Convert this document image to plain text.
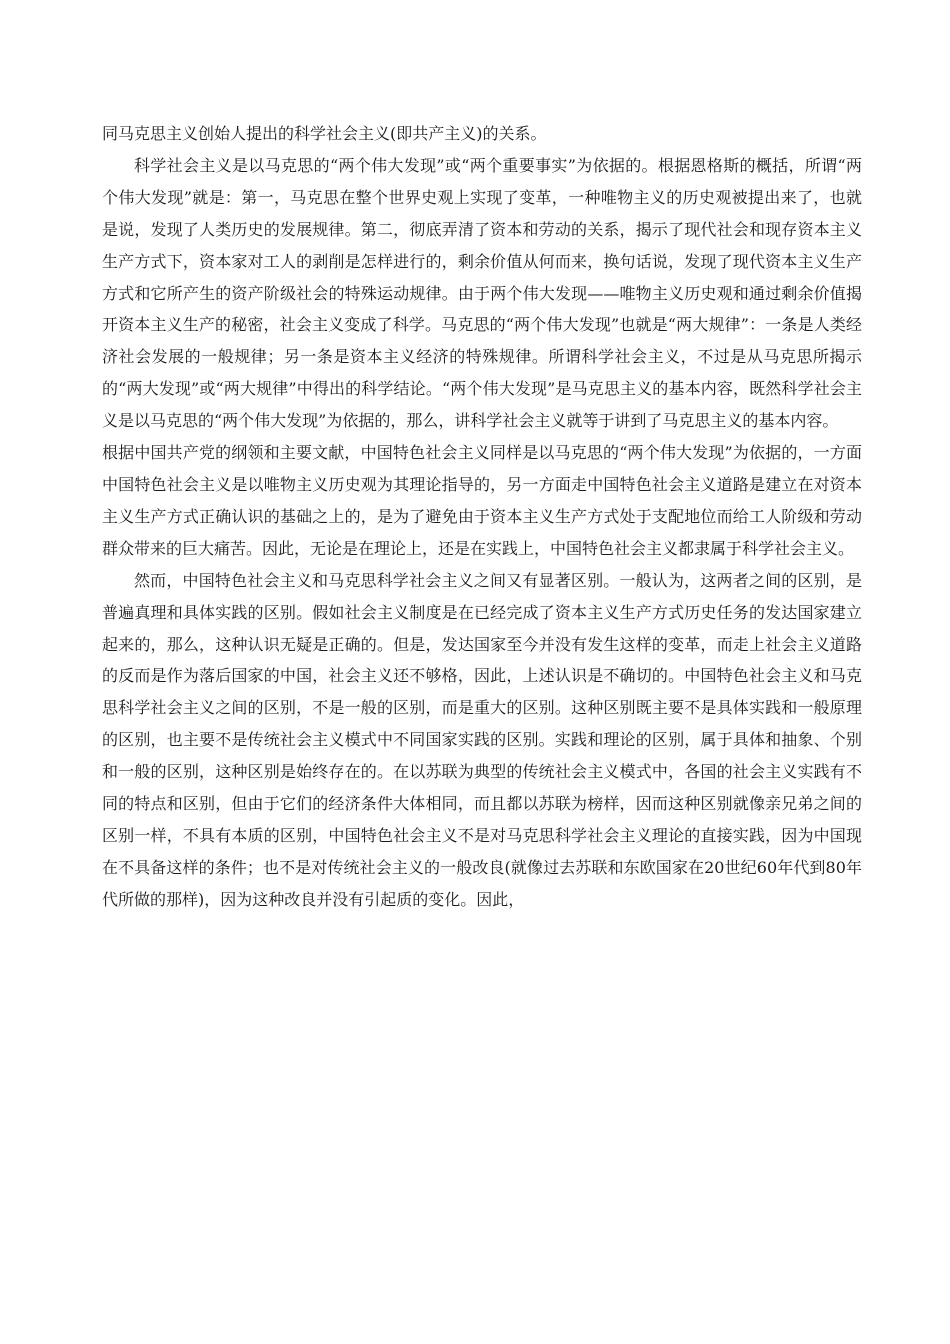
同马克思主义创始人提出的科学社会主义(即共产主义)的关系。

科学社会主义是以马克思的“两个伟大发现”或“两个重要事实”为依据的。根据恩格斯的概括，所谓“两个伟大发现”就是：第一，马克思在整个世界史观上实现了变革，一种唯物主义的历史观被提出来了，也就是说，发现了人类历史的发展规律。第二，彻底弄清了资本和劳动的关系，揭示了现代社会和现存资本主义生产方式下，资本家对工人的剥削是怎样进行的，剩余价值从何而来，换句话说，发现了现代资本主义生产方式和它所产生的资产阶级社会的特殊运动规律。由于两个伟大发现——唯物主义历史观和通过剩余价值揭开资本主义生产的秘密，社会主义变成了科学。马克思的“两个伟大发现”也就是“两大规律”：一条是人类经济社会发展的一般规律；另一条是资本主义经济的特殊规律。所谓科学社会主义，不过是从马克思所揭示的“两大发现”或“两大规律”中得出的科学结论。“两个伟大发现”是马克思主义的基本内容，既然科学社会主义是以马克思的“两个伟大发现”为依据的，那么，讲科学社会主义就等于讲到了马克思主义的基本内容。

根据中国共产党的纲领和主要文献，中国特色社会主义同样是以马克思的“两个伟大发现”为依据的，一方面中国特色社会主义是以唯物主义历史观为其理论指导的，另一方面走中国特色社会主义道路是建立在对资本主义生产方式正确认识的基础之上的，是为了避免由于资本主义生产方式处于支配地位而给工人阶级和劳动群众带来的巨大痛苦。因此，无论是在理论上，还是在实践上，中国特色社会主义都隶属于科学社会主义。

然而，中国特色社会主义和马克思科学社会主义之间又有显著区别。一般认为，这两者之间的区别，是普遍真理和具体实践的区别。假如社会主义制度是在已经完成了资本主义生产方式历史任务的发达国家建立起来的，那么，这种认识无疑是正确的。但是，发达国家至今并没有发生这样的变革，而走上社会主义道路的反而是作为落后国家的中国，社会主义还不够格，因此，上述认识是不确切的。中国特色社会主义和马克思科学社会主义之间的区别，不是一般的区别，而是重大的区别。这种区别既主要不是具体实践和一般原理的区别，也主要不是传统社会主义模式中不同国家实践的区别。实践和理论的区别，属于具体和抽象、个别和一般的区别，这种区别是始终存在的。在以苏联为典型的传统社会主义模式中，各国的社会主义实践有不同的特点和区别，但由于它们的经济条件大体相同，而且都以苏联为榜样，因而这种区别就像亲兄弟之间的区别一样，不具有本质的区别，中国特色社会主义不是对马克思科学社会主义理论的直接实践，因为中国现在不具备这样的条件；也不是对传统社会主义的一般改良(就像过去苏联和东欧国家在20世纪60年代到80年代所做的那样)，因为这种改良并没有引起质的变化。因此，
